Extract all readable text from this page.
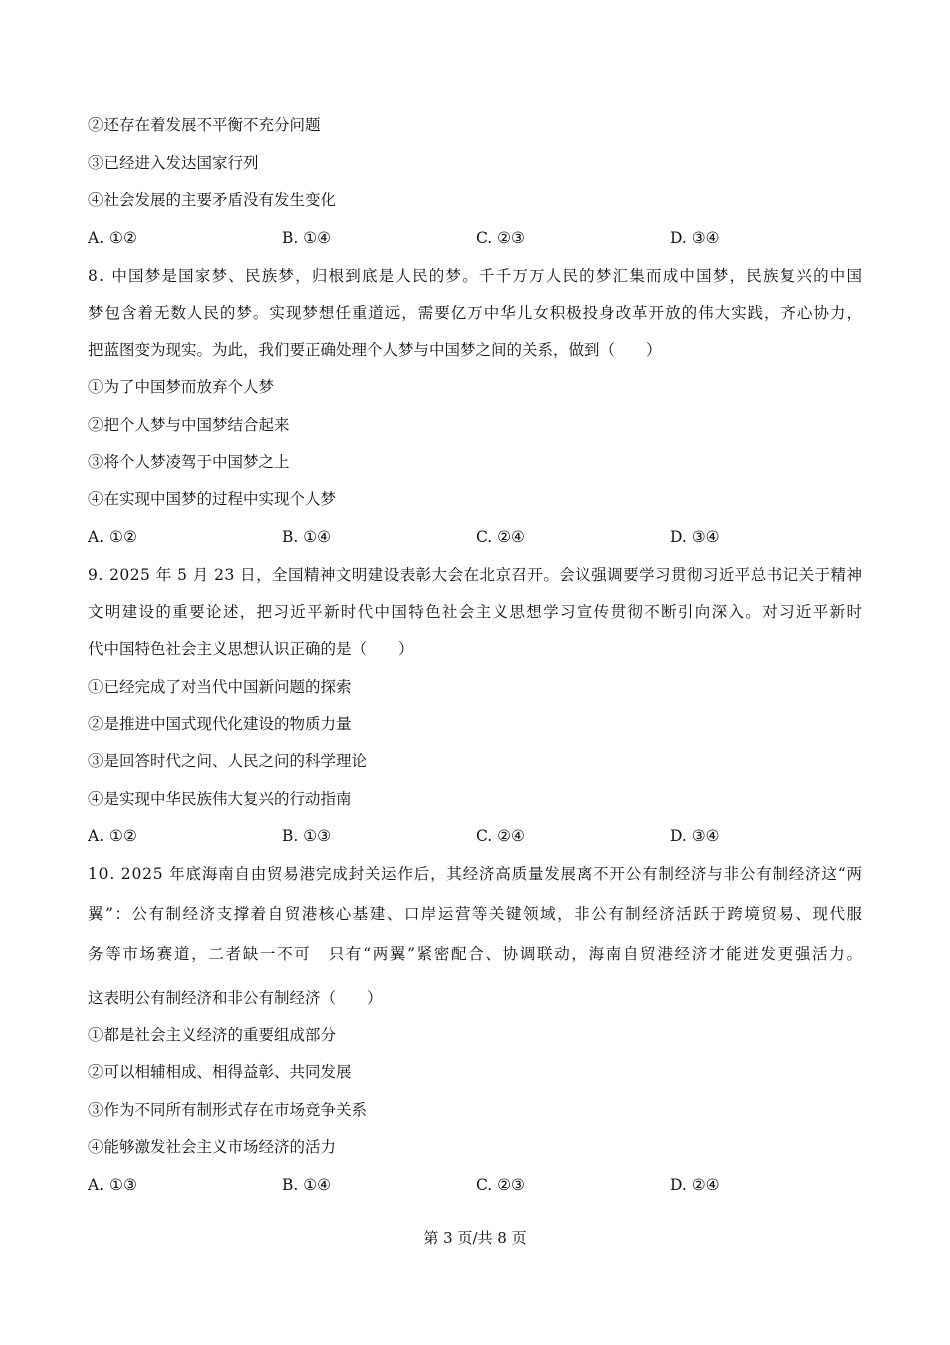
②还存在着发展不平衡不充分问题
③已经进入发达国家行列
④社会发展的主要矛盾没有发生变化
A. ①②	B. ①④	C. ②③	D. ③④
8. 中国梦是国家梦、民族梦，归根到底是人民的梦。千千万万人民的梦汇集而成中国梦，民族复兴的中国
梦包含着无数人民的梦。实现梦想任重道远，需要亿万中华儿女积极投身改革开放的伟大实践，齐心协力，
把蓝图变为现实。为此，我们要正确处理个人梦与中国梦之间的关系，做到（　　）
①为了中国梦而放弃个人梦
②把个人梦与中国梦结合起来
③将个人梦凌驾于中国梦之上
④在实现中国梦的过程中实现个人梦
A. ①②	B. ①④	C. ②④	D. ③④
9. 2025 年 5 月 23 日，全国精神文明建设表彰大会在北京召开。会议强调要学习贯彻习近平总书记关于精神
文明建设的重要论述，把习近平新时代中国特色社会主义思想学习宣传贯彻不断引向深入。对习近平新时
代中国特色社会主义思想认识正确的是（　　）
①已经完成了对当代中国新问题的探索
②是推进中国式现代化建设的物质力量
③是回答时代之问、人民之问的科学理论
④是实现中华民族伟大复兴的行动指南
A. ①②	B. ①③	C. ②④	D. ③④
10. 2025 年底海南自由贸易港完成封关运作后，其经济高质量发展离不开公有制经济与非公有制经济这“两
翼”：公有制经济支撑着自贸港核心基建、口岸运营等关键领域，非公有制经济活跃于跨境贸易、现代服
务等市场赛道，二者缺一不可　只有“两翼”紧密配合、协调联动，海南自贸港经济才能迸发更强活力。
这表明公有制经济和非公有制经济（　　）
①都是社会主义经济的重要组成部分
②可以相辅相成、相得益彰、共同发展
③作为不同所有制形式存在市场竞争关系
④能够激发社会主义市场经济的活力
A. ①③	B. ①④	C. ②③	D. ②④
第 3 页/共 8 页
